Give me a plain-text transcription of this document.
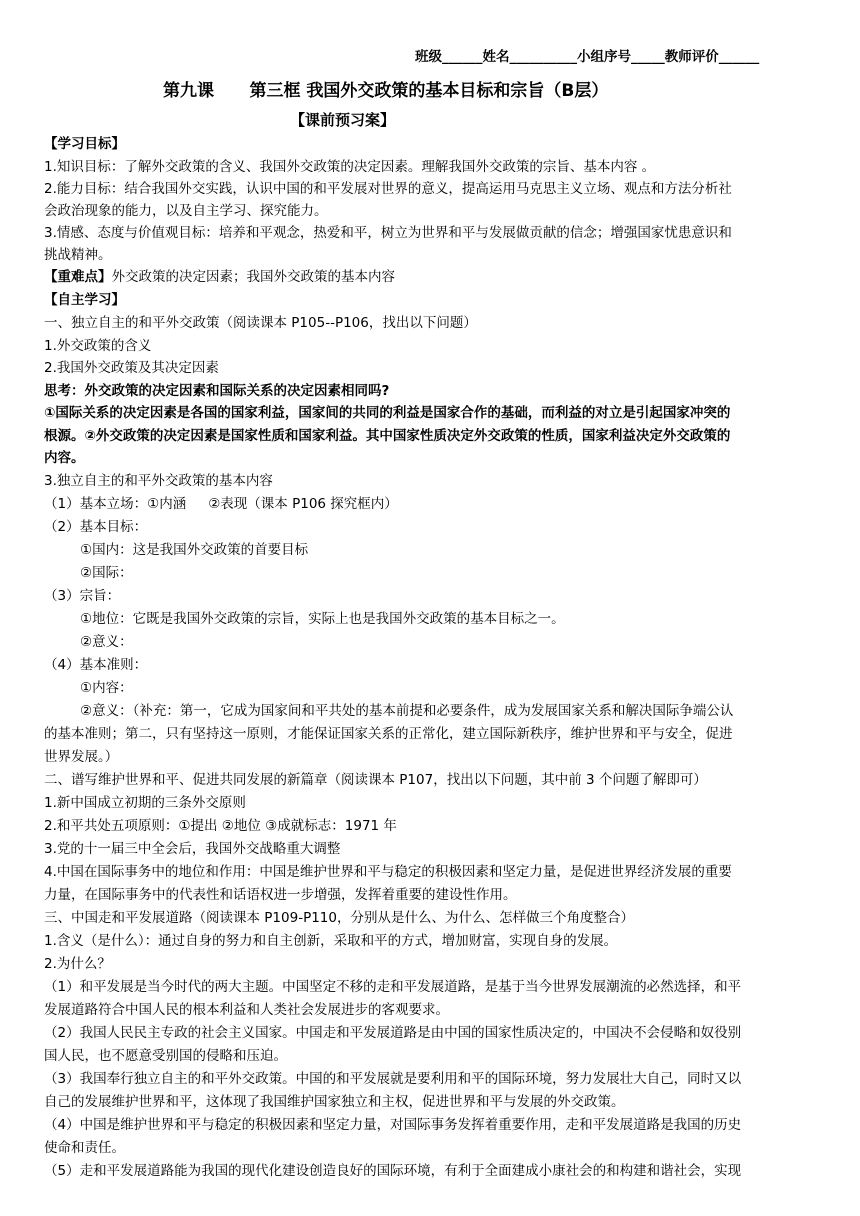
班级______姓名__________小组序号_____教师评价______
第九课      第三框 我国外交政策的基本目标和宗旨（B层）
【课前预习案】
【学习目标】
1.知识目标：了解外交政策的含义、我国外交政策的决定因素。理解我国外交政策的宗旨、基本内容 。
2.能力目标：结合我国外交实践，认识中国的和平发展对世界的意义，提高运用马克思主义立场、观点和方法分析社
会政治现象的能力，以及自主学习、探究能力。
3.情感、态度与价值观目标：培养和平观念，热爱和平，树立为世界和平与发展做贡献的信念；增强国家忧患意识和
挑战精神。
【重难点】外交政策的决定因素；我国外交政策的基本内容
【自主学习】
一、独立自主的和平外交政策（阅读课本 P105--P106，找出以下问题）
1.外交政策的含义
2.我国外交政策及其决定因素
思考：外交政策的决定因素和国际关系的决定因素相同吗?
①国际关系的决定因素是各国的国家利益，国家间的共同的利益是国家合作的基础，而利益的对立是引起国家冲突的
根源。②外交政策的决定因素是国家性质和国家利益。其中国家性质决定外交政策的性质，国家利益决定外交政策的
内容。
3.独立自主的和平外交政策的基本内容
（1）基本立场：①内涵 ②表现（课本 P106 探究框内）
（2）基本目标：
①国内：这是我国外交政策的首要目标
②国际：
（3）宗旨：
①地位：它既是我国外交政策的宗旨，实际上也是我国外交政策的基本目标之一。
②意义：
（4）基本准则：
①内容：
②意义：（补充：第一，它成为国家间和平共处的基本前提和必要条件，成为发展国家关系和解决国际争端公认
的基本准则；第二，只有坚持这一原则，才能保证国家关系的正常化，建立国际新秩序，维护世界和平与安全，促进
世界发展。）
二、谱写维护世界和平、促进共同发展的新篇章（阅读课本 P107，找出以下问题，其中前 3 个问题了解即可）
1.新中国成立初期的三条外交原则
2.和平共处五项原则：①提出 ②地位 ③成就标志：1971 年
3.党的十一届三中全会后，我国外交战略重大调整
4.中国在国际事务中的地位和作用：中国是维护世界和平与稳定的积极因素和坚定力量，是促进世界经济发展的重要
力量，在国际事务中的代表性和话语权进一步增强，发挥着重要的建设性作用。
三、中国走和平发展道路（阅读课本 P109-P110，分别从是什么、为什么、怎样做三个角度整合）
1.含义（是什么）：通过自身的努力和自主创新，采取和平的方式，增加财富，实现自身的发展。
2.为什么？
（1）和平发展是当今时代的两大主题。中国坚定不移的走和平发展道路，是基于当今世界发展潮流的必然选择，和平
发展道路符合中国人民的根本利益和人类社会发展进步的客观要求。
（2）我国人民民主专政的社会主义国家。中国走和平发展道路是由中国的国家性质决定的，中国决不会侵略和奴役别
国人民，也不愿意受别国的侵略和压迫。
（3）我国奉行独立自主的和平外交政策。中国的和平发展就是要利用和平的国际环境，努力发展壮大自己，同时又以
自己的发展维护世界和平，这体现了我国维护国家独立和主权，促进世界和平与发展的外交政策。
（4）中国是维护世界和平与稳定的积极因素和坚定力量，对国际事务发挥着重要作用，走和平发展道路是我国的历史
使命和责任。
（5）走和平发展道路能为我国的现代化建设创造良好的国际环境，有利于全面建成小康社会的和构建和谐社会，实现
